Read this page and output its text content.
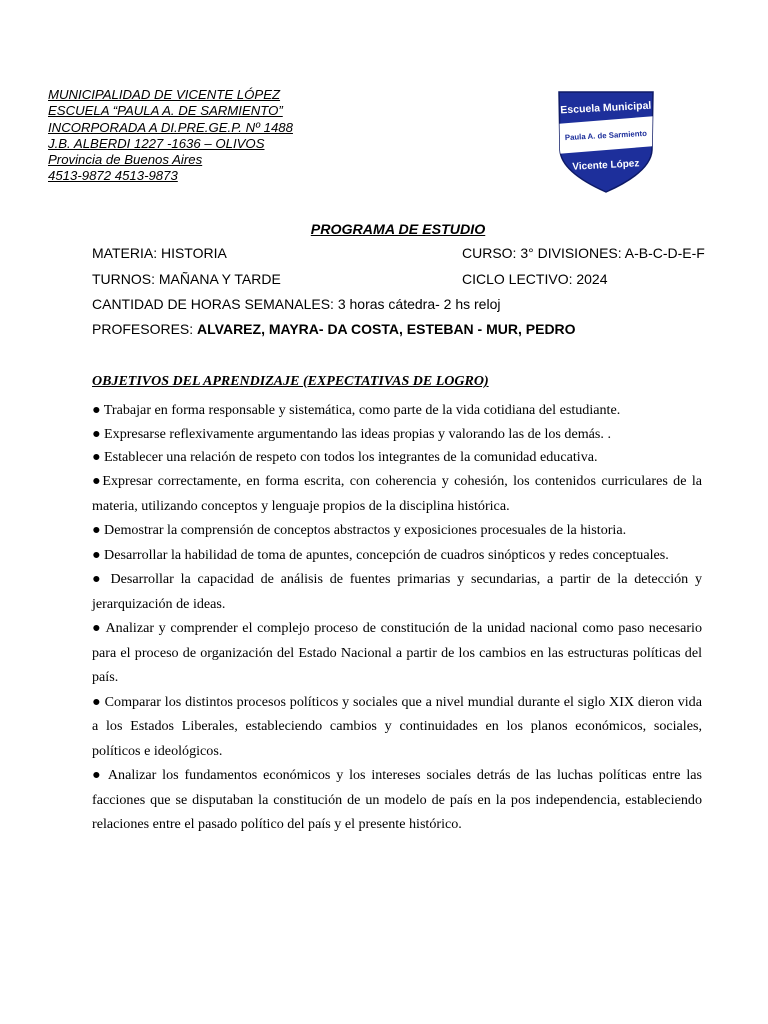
MUNICIPALIDAD DE VICENTE LÓPEZ
ESCUELA “PAULA A. DE SARMIENTO”
INCORPORADA A DI.PRE.GE.P. Nº 1488
J.B. ALBERDI 1227 -1636 – OLIVOS
Provincia de Buenos Aires
4513-9872 4513-9873
Escuela Municipal
Paula A. de Sarmiento
Vicente López
PROGRAMA DE ESTUDIO
MATERIA: HISTORIA	CURSO: 3° DIVISIONES: A-B-C-D-E-F
TURNOS: MAÑANA Y TARDE	CICLO LECTIVO: 2024
CANTIDAD DE HORAS SEMANALES: 3 horas cátedra- 2 hs reloj
PROFESORES: ALVAREZ, MAYRA- DA COSTA, ESTEBAN - MUR, PEDRO
OBJETIVOS DEL APRENDIZAJE (EXPECTATIVAS DE LOGRO)

● Trabajar en forma responsable y sistemática, como parte de la vida cotidiana del estudiante.

● Expresarse reflexivamente argumentando las ideas propias y valorando las de los demás. .

● Establecer una relación de respeto con todos los integrantes de la comunidad educativa.

●Expresar correctamente, en forma escrita, con coherencia y cohesión, los contenidos curriculares de la materia, utilizando conceptos y lenguaje propios de la disciplina histórica.

● Demostrar la comprensión de conceptos abstractos y exposiciones procesuales de la historia.

● Desarrollar la habilidad de toma de apuntes, concepción de cuadros sinópticos y redes conceptuales.

● Desarrollar la capacidad de análisis de fuentes primarias y secundarias, a partir de la detección y jerarquización de ideas.

● Analizar y comprender el complejo proceso de constitución de la unidad nacional como paso necesario para el proceso de organización del Estado Nacional a partir de los cambios en las estructuras políticas del país.

● Comparar los distintos procesos políticos y sociales que a nivel mundial durante el siglo XIX dieron vida a los Estados Liberales, estableciendo cambios y continuidades en los planos económicos, sociales, políticos e ideológicos.

● Analizar los fundamentos económicos y los intereses sociales detrás de las luchas políticas entre las facciones que se disputaban la constitución de un modelo de país en la pos independencia, estableciendo relaciones entre el pasado político del país y el presente histórico.
